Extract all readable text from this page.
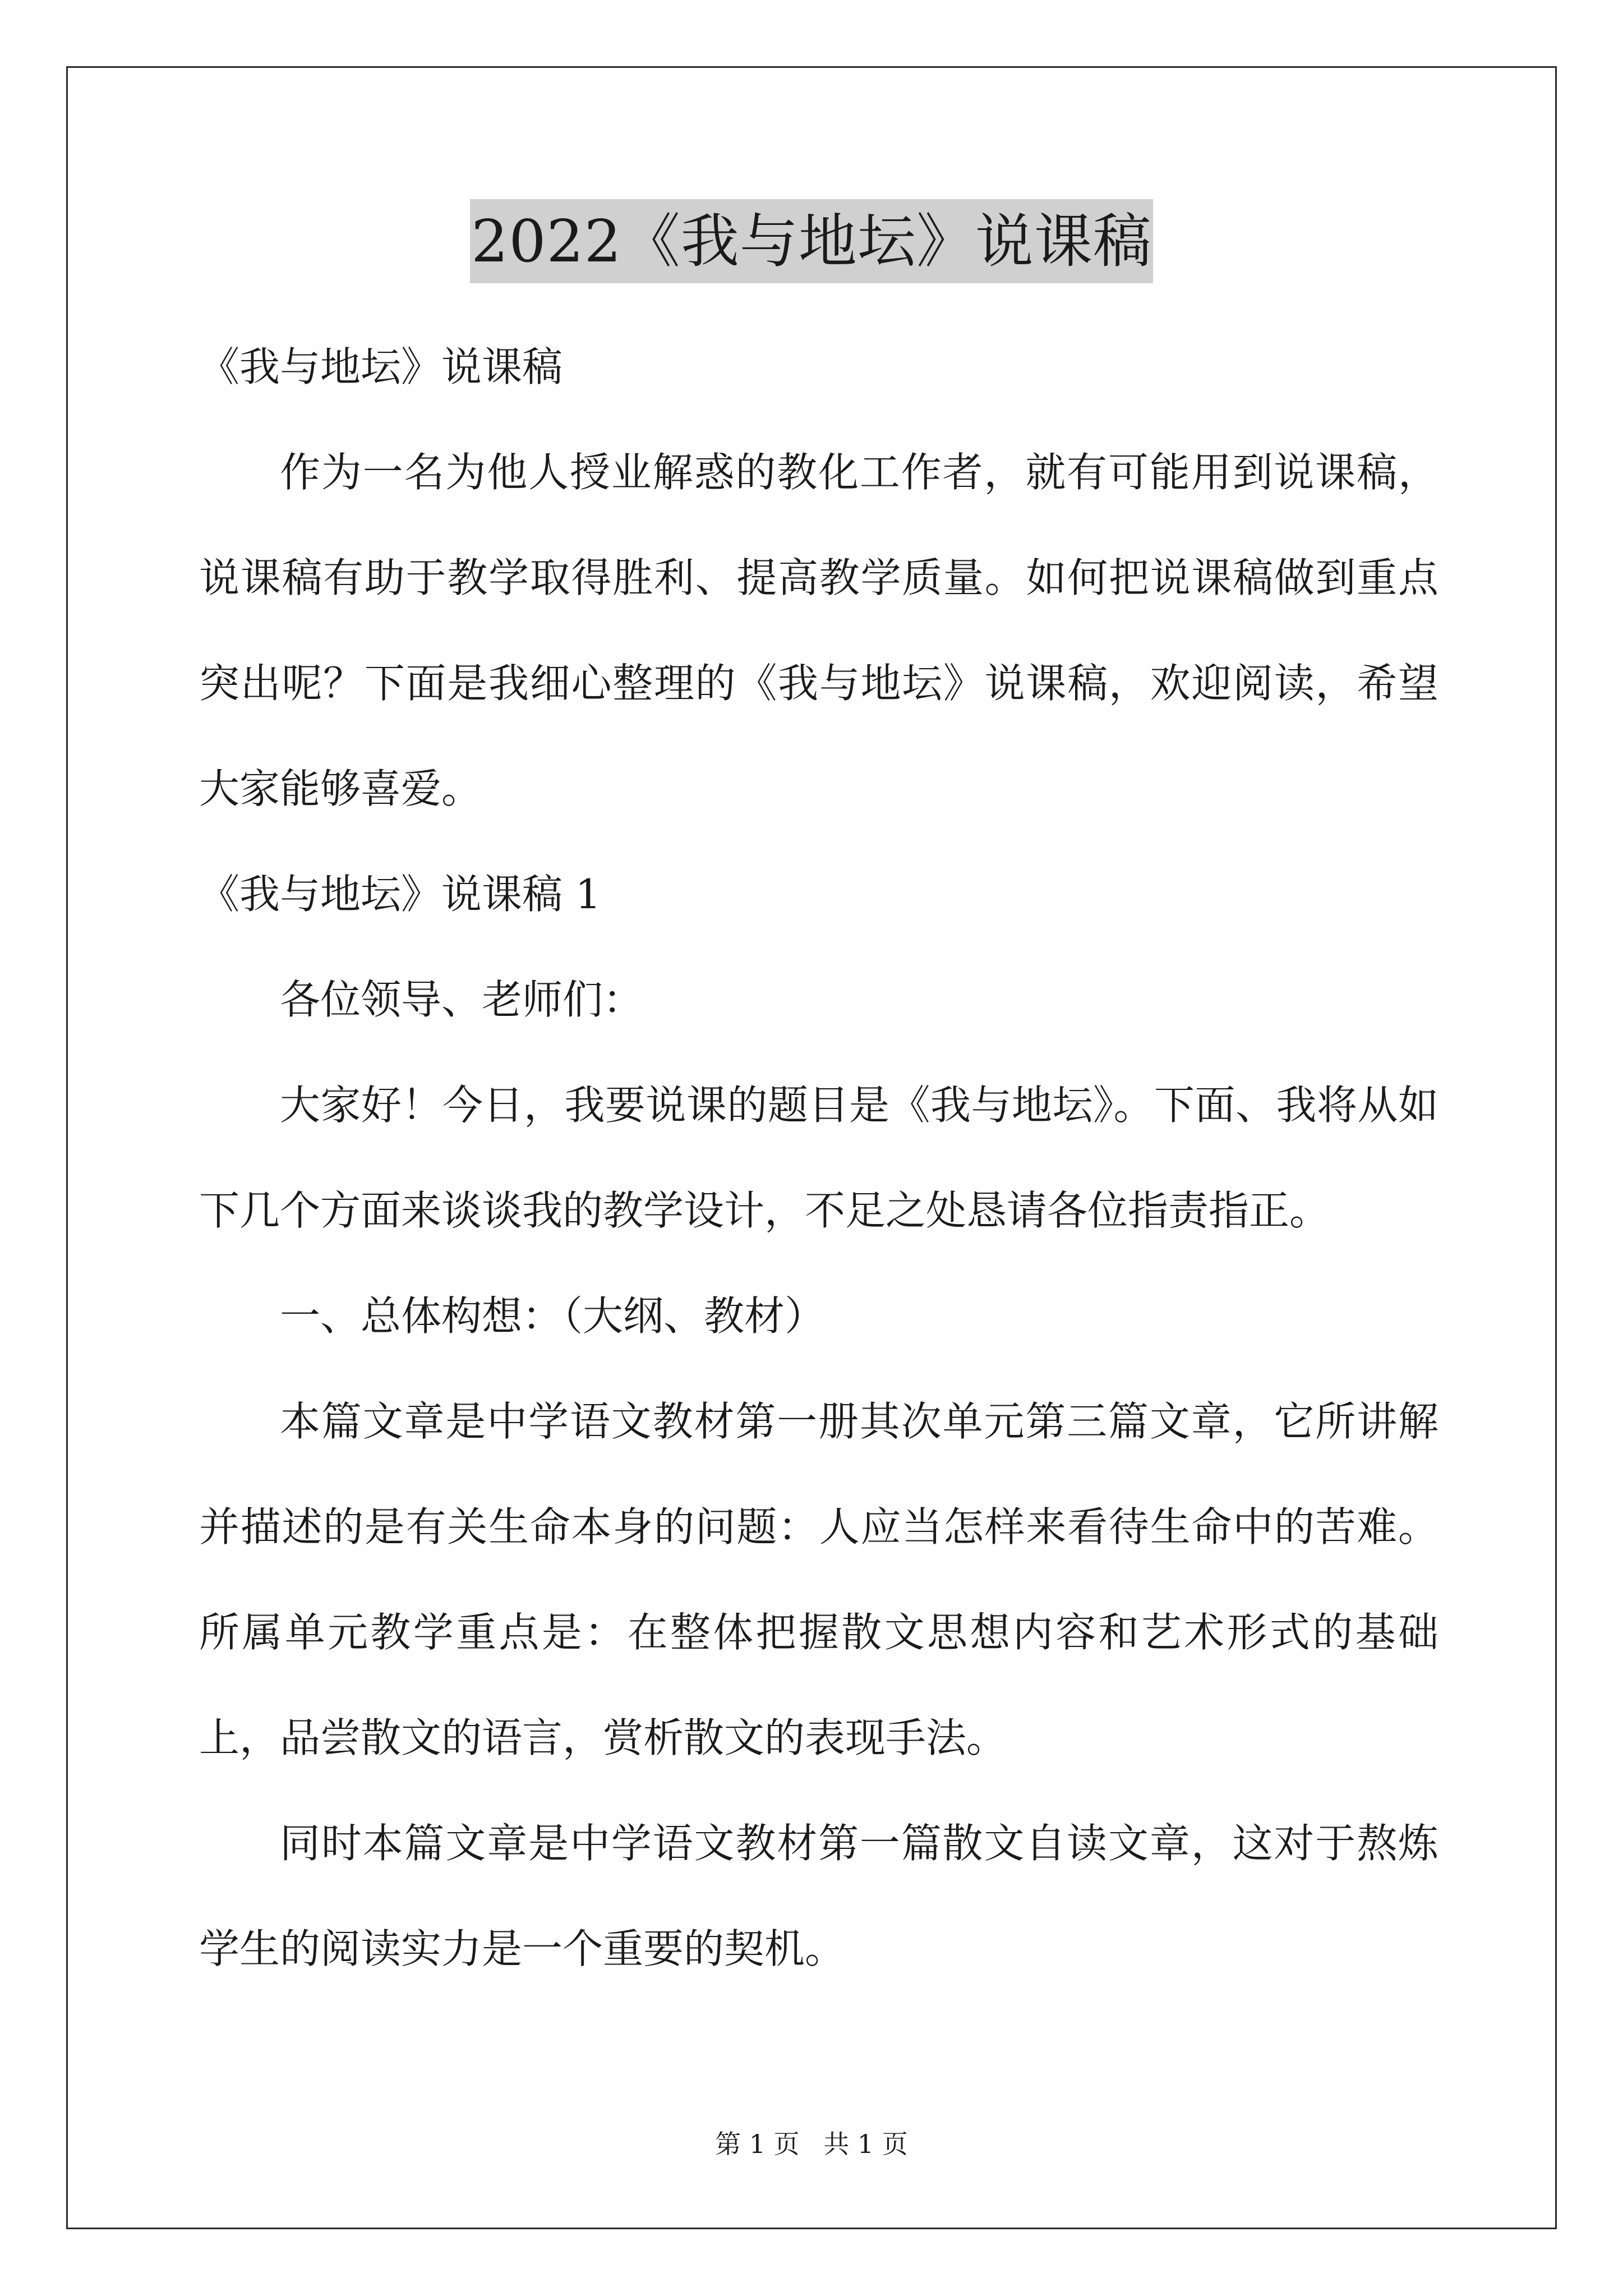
2022《我与地坛》说课稿

《我与地坛》说课稿

作为一名为他人授业解惑的教化工作者，就有可能用到说课稿，说课稿有助于教学取得胜利、提高教学质量。如何把说课稿做到重点突出呢？下面是我细心整理的《我与地坛》说课稿，欢迎阅读，希望大家能够喜爱。

《我与地坛》说课稿 1

各位领导、老师们：

大家好！今日，我要说课的题目是《我与地坛》。下面、我将从如下几个方面来谈谈我的教学设计，不足之处恳请各位指责指正。

一、总体构想：（大纲、教材）

本篇文章是中学语文教材第一册其次单元第三篇文章，它所讲解并描述的是有关生命本身的问题：人应当怎样来看待生命中的苦难。所属单元教学重点是：在整体把握散文思想内容和艺术形式的基础上，品尝散文的语言，赏析散文的表现手法。

同时本篇文章是中学语文教材第一篇散文自读文章，这对于熬炼学生的阅读实力是一个重要的契机。

第 1 页 共 1 页
